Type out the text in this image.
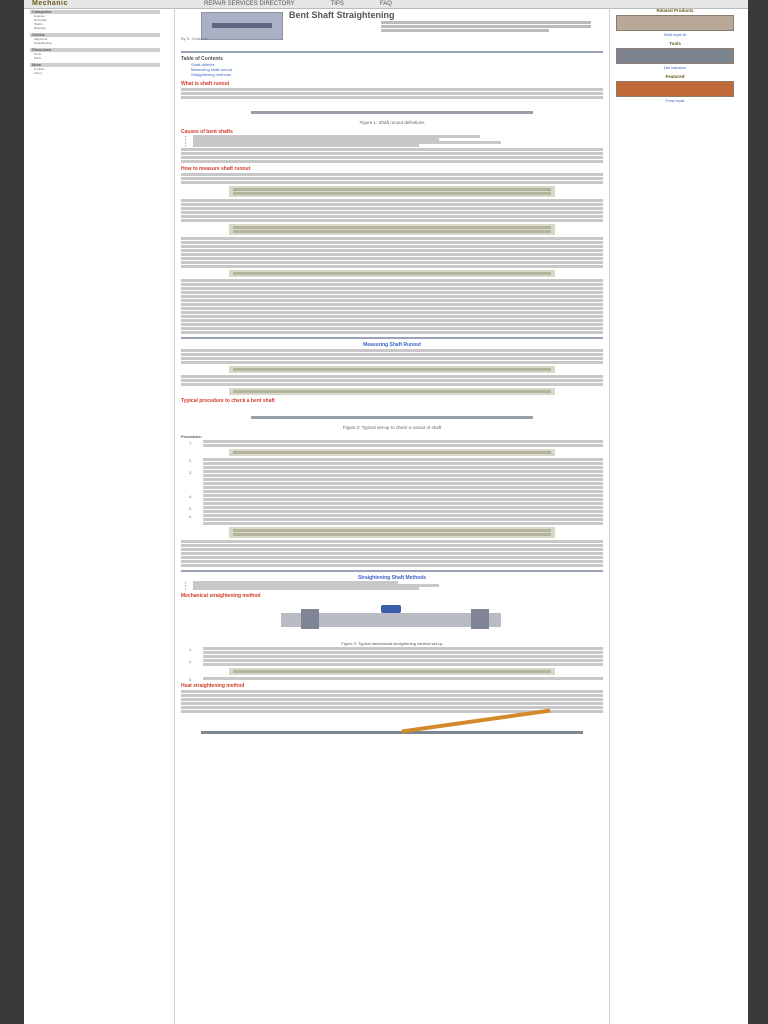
Mechanic	REPAIR SERVICES DIRECTORY	TIPS	FAQ
Categories
Engines
Drivetrain
Shafts
Bearings
Guides
Alignment
Straightening
Resources
Tools
Parts
More
Contact
About
Bent Shaft Straightening
By S. Goldman
Table of Contents
Shaft defects
Measuring shaft runout
Straightening methods
What is shaft runout
Figure 1: Shaft runout definitions
Causes of bent shafts
▪
▪
▪
▪
How to measure shaft runout
Measuring Shaft Runout
Typical procedure to check a bent shaft
Figure 2: Typical set-up to check a runout of shaft
Procedure:
1.
2.
3.
4.
5.
6.
Straightening Shaft Methods
▪
▪
▪
Mechanical straightening method
Figure 3: Typical mechanical straightening method set-up
1.
2.
3.
Heat straightening method
Related Products
Shaft repair kit
Tools
Dial indicators
Featured
Pump repair
